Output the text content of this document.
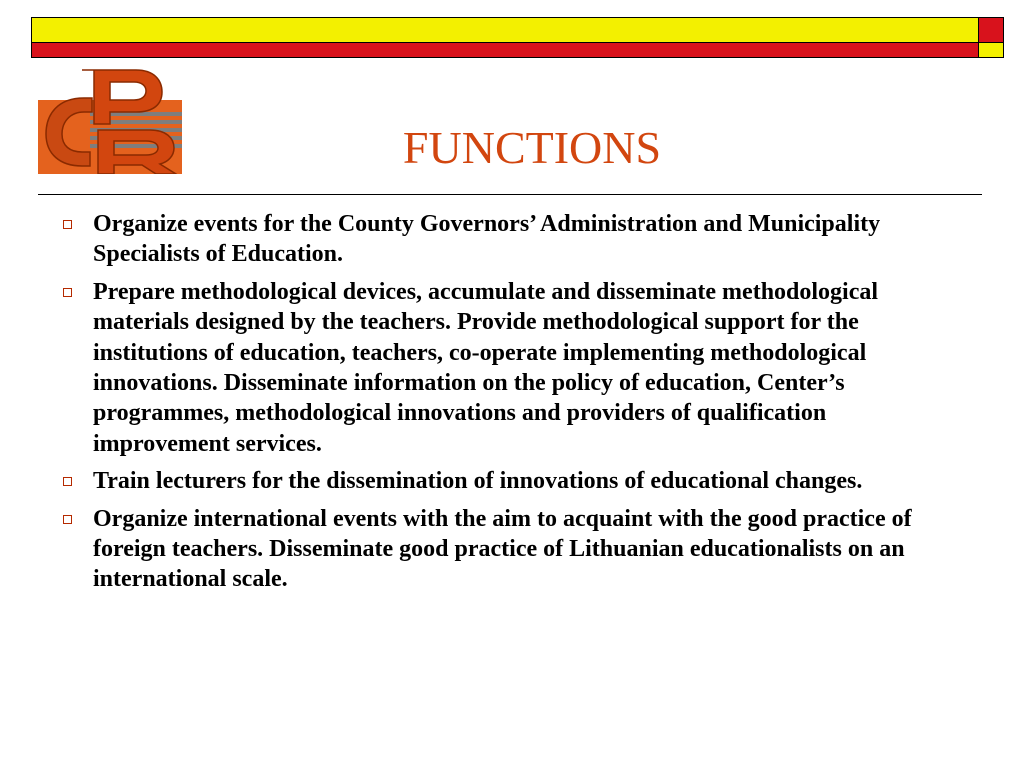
FUNCTIONS
Organize events for the County Governors’ Administration and Municipality Specialists of Education.
Prepare methodological devices, accumulate and disseminate methodological materials designed by the teachers. Provide methodological support for the institutions of education, teachers, co-operate implementing methodological innovations. Disseminate information on the policy of education, Center’s programmes, methodological innovations and providers of qualification improvement services.
Train lecturers for the dissemination of innovations of educational changes.
Organize international events with the aim to acquaint with the good practice of foreign teachers. Disseminate good practice of Lithuanian educationalists on an international scale.
